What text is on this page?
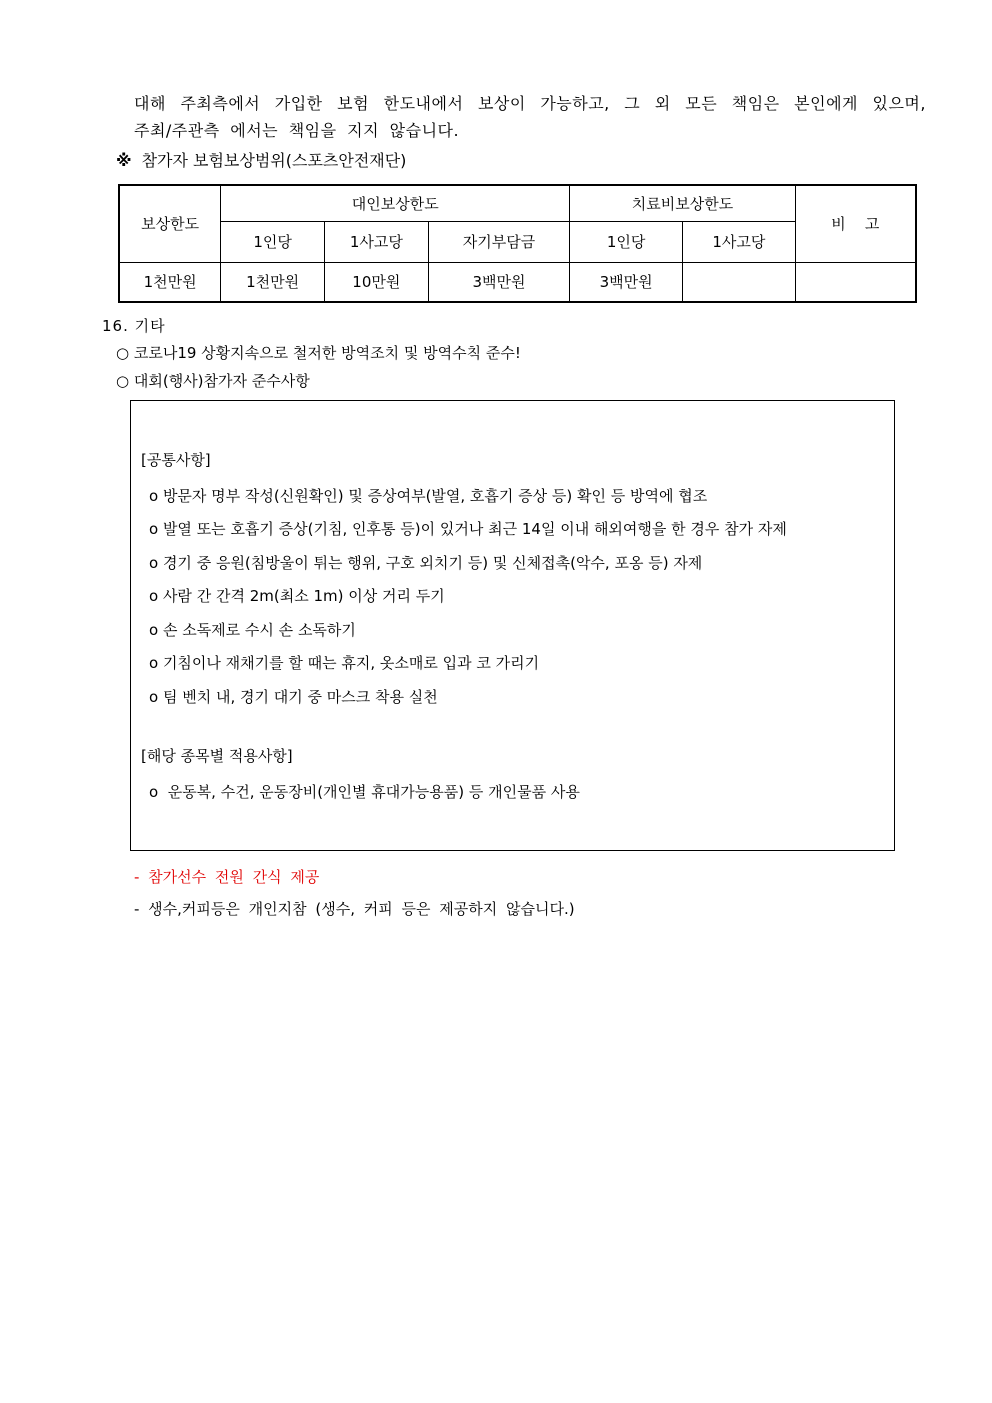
대해 주최측에서 가입한 보험 한도내에서 보상이 가능하고, 그 외 모든 책임은 본인에게 있으며,
주최/주관측 에서는 책임을 지지 않습니다.
※ 참가자 보험보상범위(스포츠안전재단)
보상한도	대인보상한도			치료비보상한도		비    고
	1인당	1사고당	자기부담금	1인당	1사고당	
1천만원	1천만원	10만원	3백만원	3백만원		
16. 기타
○ 코로나19 상황지속으로 철저한 방역조치 및 방역수칙 준수!
○ 대회(행사)참가자 준수사항
[공통사항]
o 방문자 명부 작성(신원확인) 및 증상여부(발열, 호흡기 증상 등) 확인 등 방역에 협조
o 발열 또는 호흡기 증상(기침, 인후통 등)이 있거나 최근 14일 이내 해외여행을 한 경우 참가 자제
o 경기 중 응원(침방울이 튀는 행위, 구호 외치기 등) 및 신체접촉(악수, 포옹 등) 자제
o 사람 간 간격 2m(최소 1m) 이상 거리 두기
o 손 소독제로 수시 손 소독하기
o 기침이나 재채기를 할 때는 휴지, 옷소매로 입과 코 가리기
o 팀 벤치 내, 경기 대기 중 마스크 착용 실천
[해당 종목별 적용사항]
o  운동복, 수건, 운동장비(개인별 휴대가능용품) 등 개인물품 사용
- 참가선수 전원 간식 제공
- 생수,커피등은 개인지참 (생수, 커피 등은 제공하지 않습니다.)
